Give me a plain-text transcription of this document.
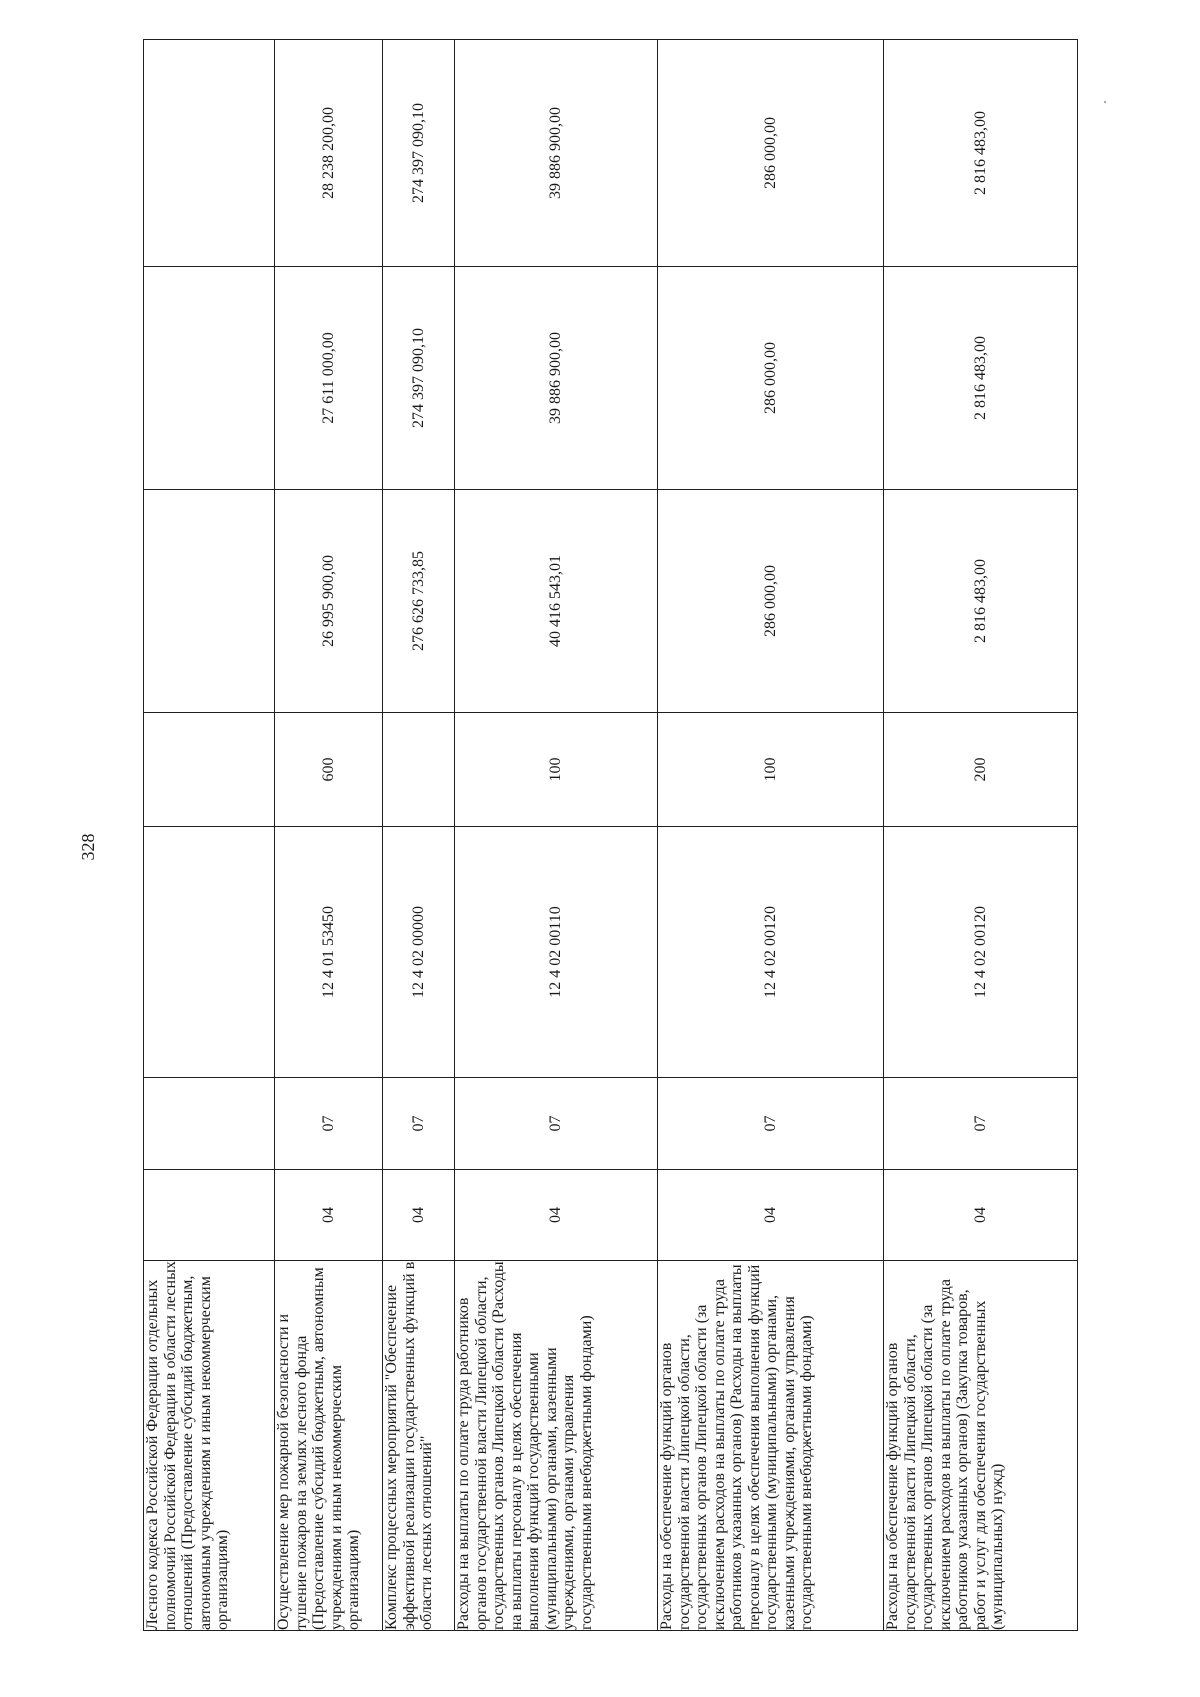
328
Лесного кодекса Российской Федерации отдельных полномочий Российской Федерации в области лесных отношений (Предоставление субсидий бюджетным, автономным учреждениям и иным некоммерческим организациям)							
Осуществление мер пожарной безопасности и тушение пожаров на землях лесного фонда (Предоставление субсидий бюджетным, автономным учреждениям и иным некоммерческим организациям)	04	07	12 4 01 53450	600	26 995 900,00	27 611 000,00	28 238 200,00
Комплекс процессных мероприятий "Обеспечение эффективной реализации государственных функций в области лесных отношений"	04	07	12 4 02 00000		276 626 733,85	274 397 090,10	274 397 090,10
Расходы на выплаты по оплате труда работников органов государственной власти Липецкой области, государственных органов Липецкой области (Расходы на выплаты персоналу в целях обеспечения выполнения функций государственными (муниципальными) органами, казенными учреждениями, органами управления государственными внебюджетными фондами)	04	07	12 4 02 00110	100	40 416 543,01	39 886 900,00	39 886 900,00
Расходы на обеспечение функций органов государственной власти Липецкой области, государственных органов Липецкой области (за исключением расходов на выплаты по оплате труда работников указанных органов) (Расходы на выплаты персоналу в целях обеспечения выполнения функций государственными (муниципальными) органами, казенными учреждениями, органами управления государственными внебюджетными фондами)	04	07	12 4 02 00120	100	286 000,00	286 000,00	286 000,00
Расходы на обеспечение функций органов государственной власти Липецкой области, государственных органов Липецкой области (за исключением расходов на выплаты по оплате труда работников указанных органов) (Закупка товаров, работ и услуг для обеспечения государственных (муниципальных) нужд)	04	07	12 4 02 00120	200	2 816 483,00	2 816 483,00	2 816 483,00
